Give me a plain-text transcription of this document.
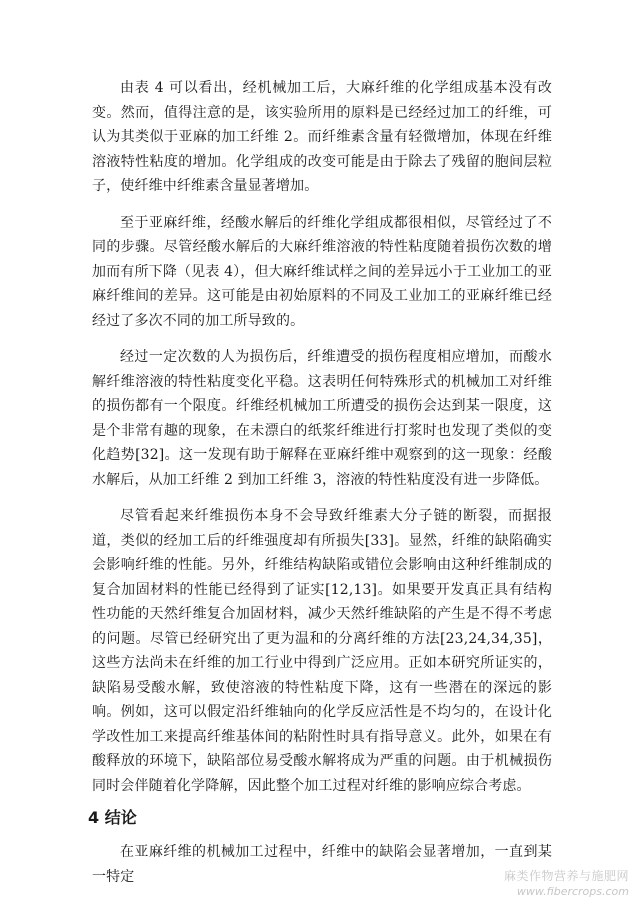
由表 4 可以看出，经机械加工后，大麻纤维的化学组成基本没有改变。然而，值得注意的是，该实验所用的原料是已经经过加工的纤维，可认为其类似于亚麻的加工纤维 2。而纤维素含量有轻微增加，体现在纤维溶液特性粘度的增加。化学组成的改变可能是由于除去了残留的胞间层粒子，使纤维中纤维素含量显著增加。

至于亚麻纤维，经酸水解后的纤维化学组成都很相似，尽管经过了不同的步骤。尽管经酸水解后的大麻纤维溶液的特性粘度随着损伤次数的增加而有所下降（见表 4），但大麻纤维试样之间的差异远小于工业加工的亚麻纤维间的差异。这可能是由初始原料的不同及工业加工的亚麻纤维已经经过了多次不同的加工所导致的。

经过一定次数的人为损伤后，纤维遭受的损伤程度相应增加，而酸水解纤维溶液的特性粘度变化平稳。这表明任何特殊形式的机械加工对纤维的损伤都有一个限度。纤维经机械加工所遭受的损伤会达到某一限度，这是个非常有趣的现象，在未漂白的纸浆纤维进行打浆时也发现了类似的变化趋势[32]。这一发现有助于解释在亚麻纤维中观察到的这一现象：经酸水解后，从加工纤维 2 到加工纤维 3，溶液的特性粘度没有进一步降低。

尽管看起来纤维损伤本身不会导致纤维素大分子链的断裂，而据报道，类似的经加工后的纤维强度却有所损失[33]。显然，纤维的缺陷确实会影响纤维的性能。另外，纤维结构缺陷或错位会影响由这种纤维制成的复合加固材料的性能已经得到了证实[12,13]。如果要开发真正具有结构性功能的天然纤维复合加固材料，减少天然纤维缺陷的产生是不得不考虑的问题。尽管已经研究出了更为温和的分离纤维的方法[23,24,34,35]，这些方法尚未在纤维的加工行业中得到广泛应用。正如本研究所证实的，缺陷易受酸水解，致使溶液的特性粘度下降，这有一些潜在的深远的影响。例如，这可以假定沿纤维轴向的化学反应活性是不均匀的，在设计化学改性加工来提高纤维基体间的粘附性时具有指导意义。此外，如果在有酸释放的环境下，缺陷部位易受酸水解将成为严重的问题。由于机械损伤同时会伴随着化学降解，因此整个加工过程对纤维的影响应综合考虑。

4 结论

在亚麻纤维的机械加工过程中，纤维中的缺陷会显著增加，一直到某一特定	麻类作物营养与施肥网
www.fibercrops.com
